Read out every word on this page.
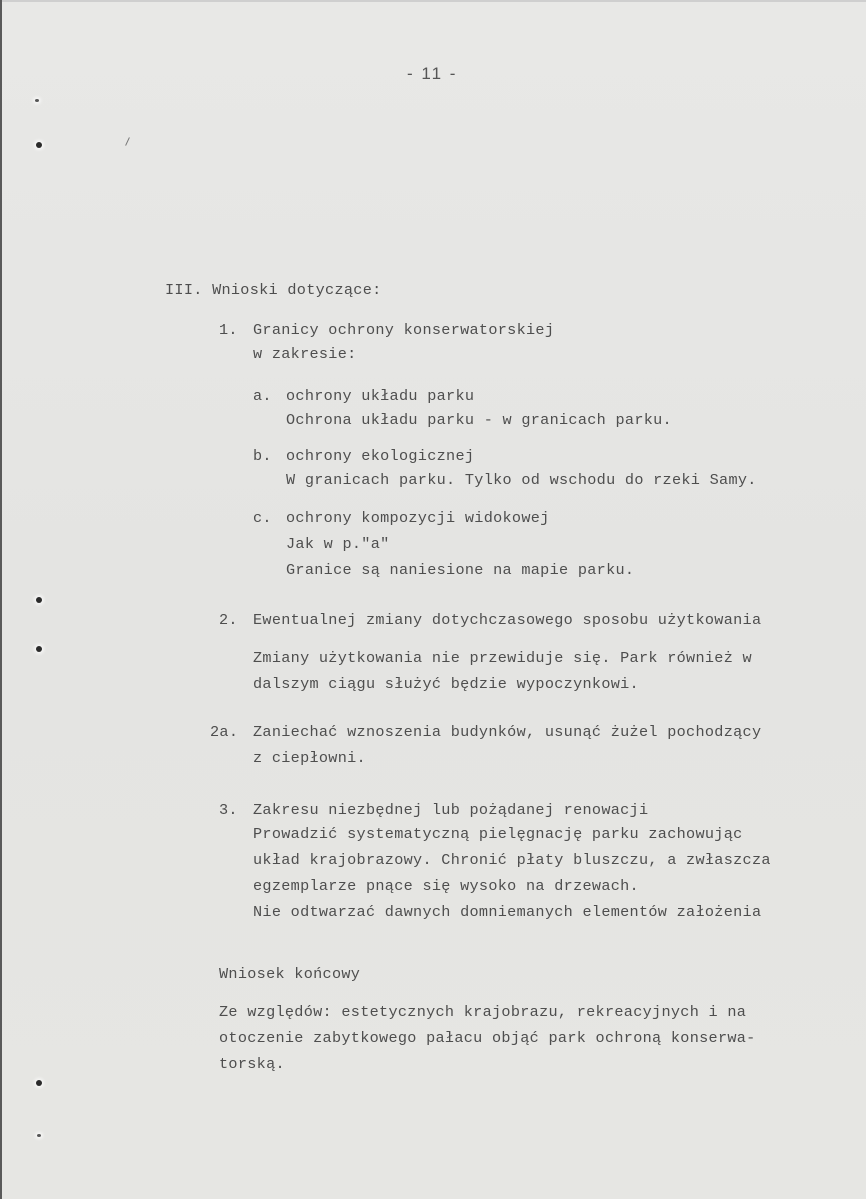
- 11 -
III. Wnioski dotyczące:
1. Granicy ochrony konserwatorskiej
w zakresie:
a. ochrony układu parku
Ochrona układu parku - w granicach parku.
b. ochrony ekologicznej
W granicach parku. Tylko od wschodu do rzeki Samy.
c. ochrony kompozycji widokowej
Jak w p."a"
Granice są naniesione na mapie parku.
2. Ewentualnej zmiany dotychczasowego sposobu użytkowania
Zmiany użytkowania nie przewiduje się. Park również w
dalszym ciągu służyć będzie wypoczynkowi.
2a. Zaniechać wznoszenia budynków, usunąć żużel pochodzący
z ciepłowni.
3. Zakresu niezbędnej lub pożądanej renowacji
Prowadzić systematyczną pielęgnację parku zachowując
układ krajobrazowy. Chronić płaty bluszczu, a zwłaszcza
egzemplarze pnące się wysoko na drzewach.
Nie odtwarzać dawnych domniemanych elementów założenia
Wniosek końcowy
Ze względów: estetycznych krajobrazu, rekreacyjnych i na
otoczenie zabytkowego pałacu objąć park ochroną konserwa-
torską.
